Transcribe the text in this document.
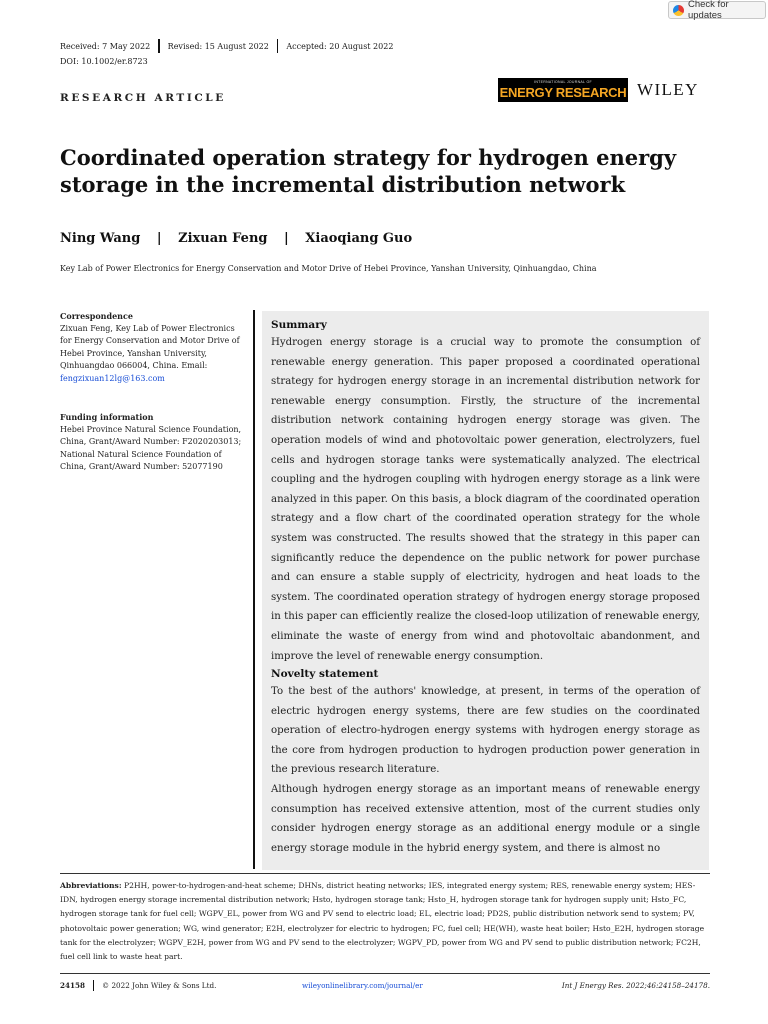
Check for updates
Received: 7 May 2022 Revised: 15 August 2022 Accepted: 20 August 2022
DOI: 10.1002/er.8723
RESEARCH ARTICLE
INTERNATIONAL JOURNAL OF
ENERGY RESEARCH WILEY
Coordinated operation strategy for hydrogen energy storage in the incremental distribution network
Ning Wang | Zixuan Feng | Xiaoqiang Guo
Key Lab of Power Electronics for Energy Conservation and Motor Drive of Hebei Province, Yanshan University, Qinhuangdao, China
Correspondence
Zixuan Feng, Key Lab of Power Electronics for Energy Conservation and Motor Drive of Hebei Province, Yanshan University, Qinhuangdao 066004, China. Email: fengzixuan12lg@163.com
Funding information
Hebei Province Natural Science Foundation, China, Grant/Award Number: F2020203013; National Natural Science Foundation of China, Grant/Award Number: 52077190
Summary

Hydrogen energy storage is a crucial way to promote the consumption of renewable energy generation. This paper proposed a coordinated operational strategy for hydrogen energy storage in an incremental distribution network for renewable energy consumption. Firstly, the structure of the incremental distribution network containing hydrogen energy storage was given. The operation models of wind and photovoltaic power generation, electrolyzers, fuel cells and hydrogen storage tanks were systematically analyzed. The electrical coupling and the hydrogen coupling with hydrogen energy storage as a link were analyzed in this paper. On this basis, a block diagram of the coordinated operation strategy and a flow chart of the coordinated operation strategy for the whole system was constructed. The results showed that the strategy in this paper can significantly reduce the dependence on the public network for power purchase and can ensure a stable supply of electricity, hydrogen and heat loads to the system. The coordinated operation strategy of hydrogen energy storage proposed in this paper can efficiently realize the closed-loop utilization of renewable energy, eliminate the waste of energy from wind and photovoltaic abandonment, and improve the level of renewable energy consumption.

Novelty statement

To the best of the authors' knowledge, at present, in terms of the operation of electric hydrogen energy systems, there are few studies on the coordinated operation of electro-hydrogen energy systems with hydrogen energy storage as the core from hydrogen production to hydrogen production power generation in the previous research literature.

Although hydrogen energy storage as an important means of renewable energy consumption has received extensive attention, most of the current studies only consider hydrogen energy storage as an additional energy module or a single energy storage module in the hybrid energy system, and there is almost no

Abbreviations: P2HH, power-to-hydrogen-and-heat scheme; DHNs, district heating networks; IES, integrated energy system; RES, renewable energy system; HES-IDN, hydrogen energy storage incremental distribution network; Hsto, hydrogen storage tank; Hsto_H, hydrogen storage tank for hydrogen supply unit; Hsto_FC, hydrogen storage tank for fuel cell; WGPV_EL, power from WG and PV send to electric load; EL, electric load; PD2S, public distribution network send to system; PV, photovoltaic power generation; WG, wind generator; E2H, electrolyzer for electric to hydrogen; FC, fuel cell; HE(WH), waste heat boiler; Hsto_E2H, hydrogen storage tank for the electrolyzer; WGPV_E2H, power from WG and PV send to the electrolyzer; WGPV_PD, power from WG and PV send to public distribution network; FC2H, fuel cell link to waste heat part.

24158 © 2022 John Wiley & Sons Ltd.	wileyonlinelibrary.com/journal/er	Int J Energy Res. 2022;46:24158–24178.
